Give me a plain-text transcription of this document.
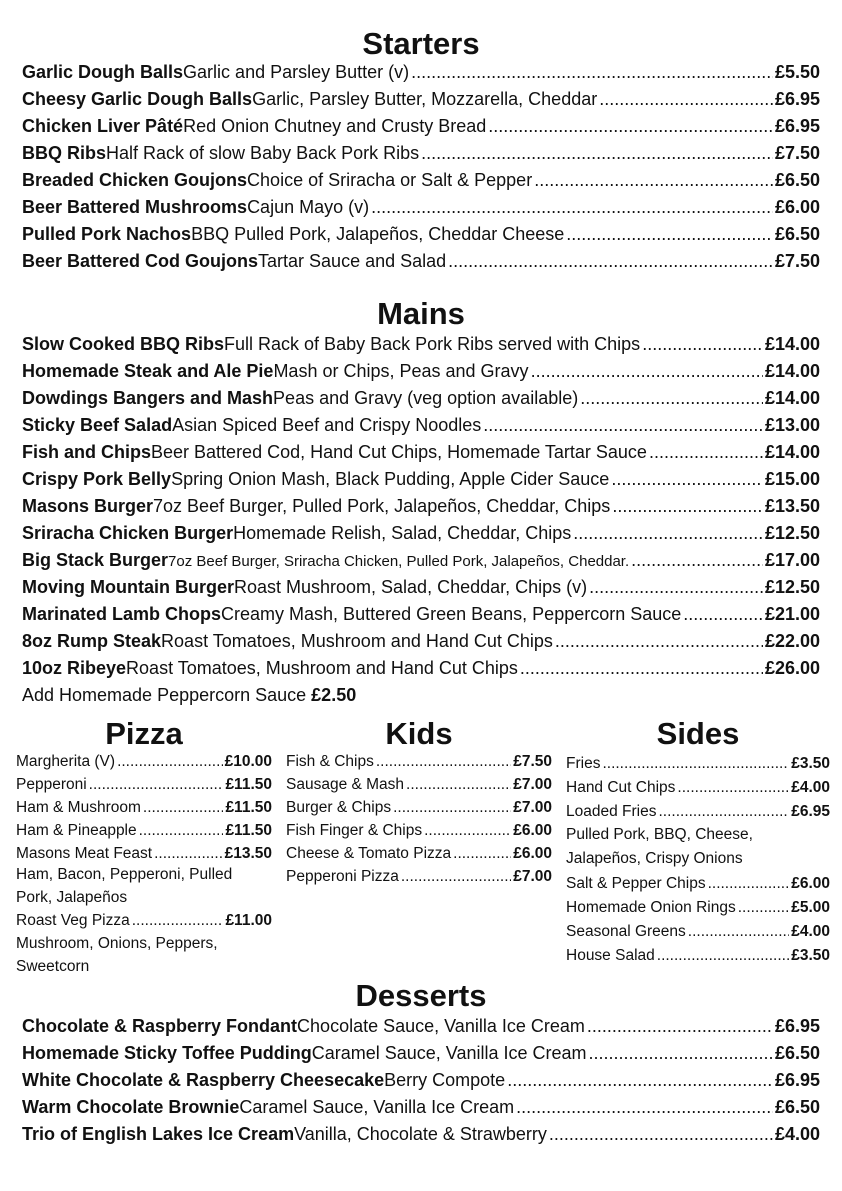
Starters
Garlic Dough Balls Garlic and Parsley Butter (v) .....	£5.50
Cheesy Garlic Dough Balls Garlic, Parsley Butter, Mozzarella, Cheddar .....	£6.95
Chicken Liver Pâté Red Onion Chutney and Crusty Bread .....	£6.95
BBQ Ribs Half Rack of slow Baby Back Pork Ribs .....	£7.50
Breaded Chicken Goujons Choice of Sriracha or Salt & Pepper .....	£6.50
Beer Battered Mushrooms Cajun Mayo (v) .....	£6.00
Pulled Pork Nachos BBQ Pulled Pork, Jalapeños, Cheddar Cheese .....	£6.50
Beer Battered Cod Goujons Tartar Sauce and Salad .....	£7.50
Mains
Slow Cooked BBQ Ribs Full Rack of Baby Back Pork Ribs served with Chips .....	£14.00
Homemade Steak and Ale Pie Mash or Chips, Peas and Gravy .....	£14.00
Dowdings Bangers and Mash Peas and Gravy (veg option available) .....	£14.00
Sticky Beef Salad Asian Spiced Beef and Crispy Noodles .....	£13.00
Fish and Chips Beer Battered Cod, Hand Cut Chips, Homemade Tartar Sauce .....	£14.00
Crispy Pork Belly Spring Onion Mash, Black Pudding, Apple Cider Sauce .....	£15.00
Masons Burger 7oz Beef Burger, Pulled Pork, Jalapeños, Cheddar, Chips .....	£13.50
Sriracha Chicken Burger Homemade Relish, Salad, Cheddar, Chips .....	£12.50
Big Stack Burger 7oz Beef Burger, Sriracha Chicken, Pulled Pork, Jalapeños, Cheddar. .....	£17.00
Moving Mountain Burger Roast Mushroom, Salad, Cheddar, Chips (v) .....	£12.50
Marinated Lamb Chops Creamy Mash, Buttered Green Beans, Peppercorn Sauce .....	£21.00
8oz Rump Steak Roast Tomatoes, Mushroom and Hand Cut Chips .....	£22.00
10oz Ribeye Roast Tomatoes, Mushroom and Hand Cut Chips .....	£26.00
Add Homemade Peppercorn Sauce £2.50
Pizza
Margherita (V) .....	£10.00
Pepperoni .....	£11.50
Ham & Mushroom .....	£11.50
Ham & Pineapple .....	£11.50
Masons Meat Feast .....	£13.50
Ham, Bacon, Pepperoni, Pulled
Pork, Jalapeños
Roast Veg Pizza .....	£11.00
Mushroom, Onions, Peppers,
Sweetcorn
Kids
Fish & Chips .....	£7.50
Sausage & Mash .....	£7.00
Burger & Chips .....	£7.00
Fish Finger & Chips .....	£6.00
Cheese & Tomato Pizza .....	£6.00
Pepperoni Pizza .....	£7.00
Sides
Fries .....	£3.50
Hand Cut Chips .....	£4.00
Loaded Fries .....	£6.95
Pulled Pork, BBQ, Cheese,
Jalapeños, Crispy Onions
Salt & Pepper Chips .....	£6.00
Homemade Onion Rings .....	£5.00
Seasonal Greens .....	£4.00
House Salad .....	£3.50
Desserts
Chocolate & Raspberry Fondant Chocolate Sauce, Vanilla Ice Cream .....	£6.95
Homemade Sticky Toffee Pudding Caramel Sauce, Vanilla Ice Cream .....	£6.50
White Chocolate & Raspberry Cheesecake Berry Compote .....	£6.95
Warm Chocolate Brownie Caramel Sauce, Vanilla Ice Cream .....	£6.50
Trio of English Lakes Ice Cream Vanilla, Chocolate & Strawberry .....	£4.00
